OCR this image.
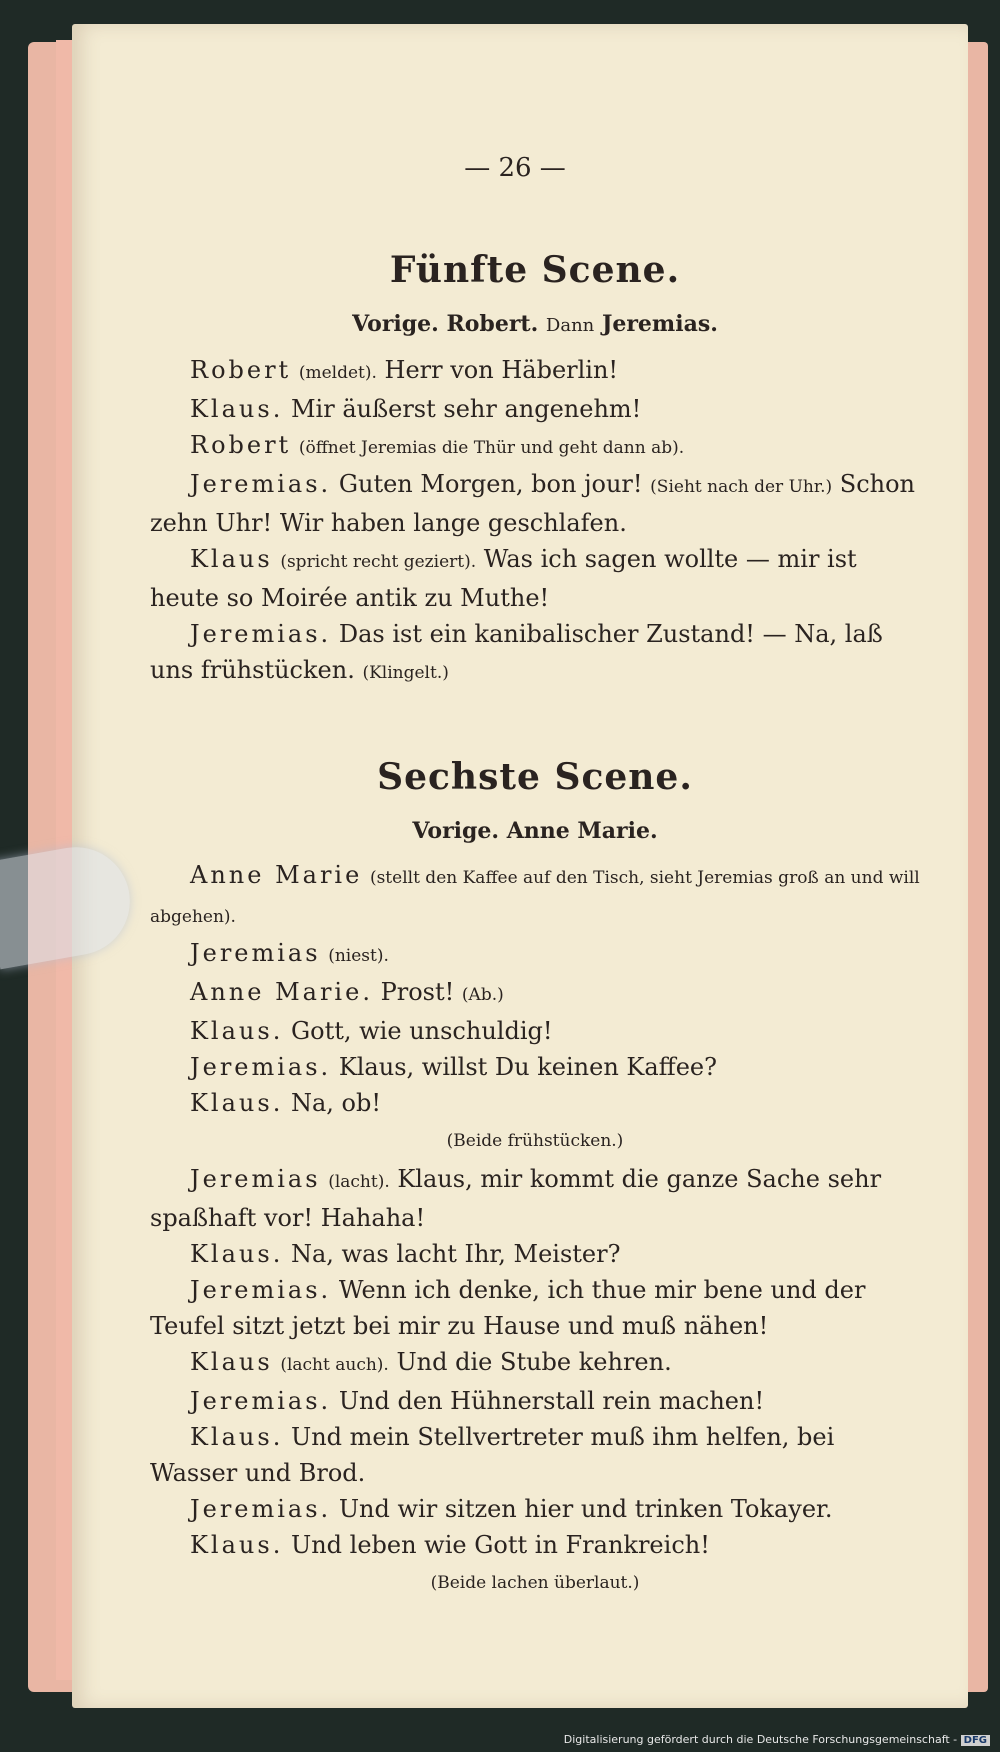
— 26 —
Fünfte Scene.
Vorige. Robert. Dann Jeremias.

Robert (meldet). Herr von Häberlin!

Klaus. Mir äußerst sehr angenehm!

Robert (öffnet Jeremias die Thür und geht dann ab).

Jeremias. Guten Morgen, bon jour! (Sieht nach der Uhr.) Schon zehn Uhr! Wir haben lange geschlafen.

Klaus (spricht recht geziert). Was ich sagen wollte — mir ist heute so Moirée antik zu Muthe!

Jeremias. Das ist ein kanibalischer Zustand! — Na, laß uns frühstücken. (Klingelt.)

Sechste Scene.
Vorige. Anne Marie.

Anne Marie (stellt den Kaffee auf den Tisch, sieht Jeremias groß an und will abgehen).

Jeremias (niest).

Anne Marie. Prost! (Ab.)

Klaus. Gott, wie unschuldig!

Jeremias. Klaus, willst Du keinen Kaffee?

Klaus. Na, ob!

(Beide frühstücken.)

Jeremias (lacht). Klaus, mir kommt die ganze Sache sehr spaßhaft vor! Hahaha!

Klaus. Na, was lacht Ihr, Meister?

Jeremias. Wenn ich denke, ich thue mir bene und der Teufel sitzt jetzt bei mir zu Hause und muß nähen!

Klaus (lacht auch). Und die Stube kehren.

Jeremias. Und den Hühnerstall rein machen!

Klaus. Und mein Stellvertreter muß ihm helfen, bei Wasser und Brod.

Jeremias. Und wir sitzen hier und trinken Tokayer.

Klaus. Und leben wie Gott in Frankreich!

(Beide lachen überlaut.)
Digitalisierung gefördert durch die Deutsche Forschungsgemeinschaft - DFG
